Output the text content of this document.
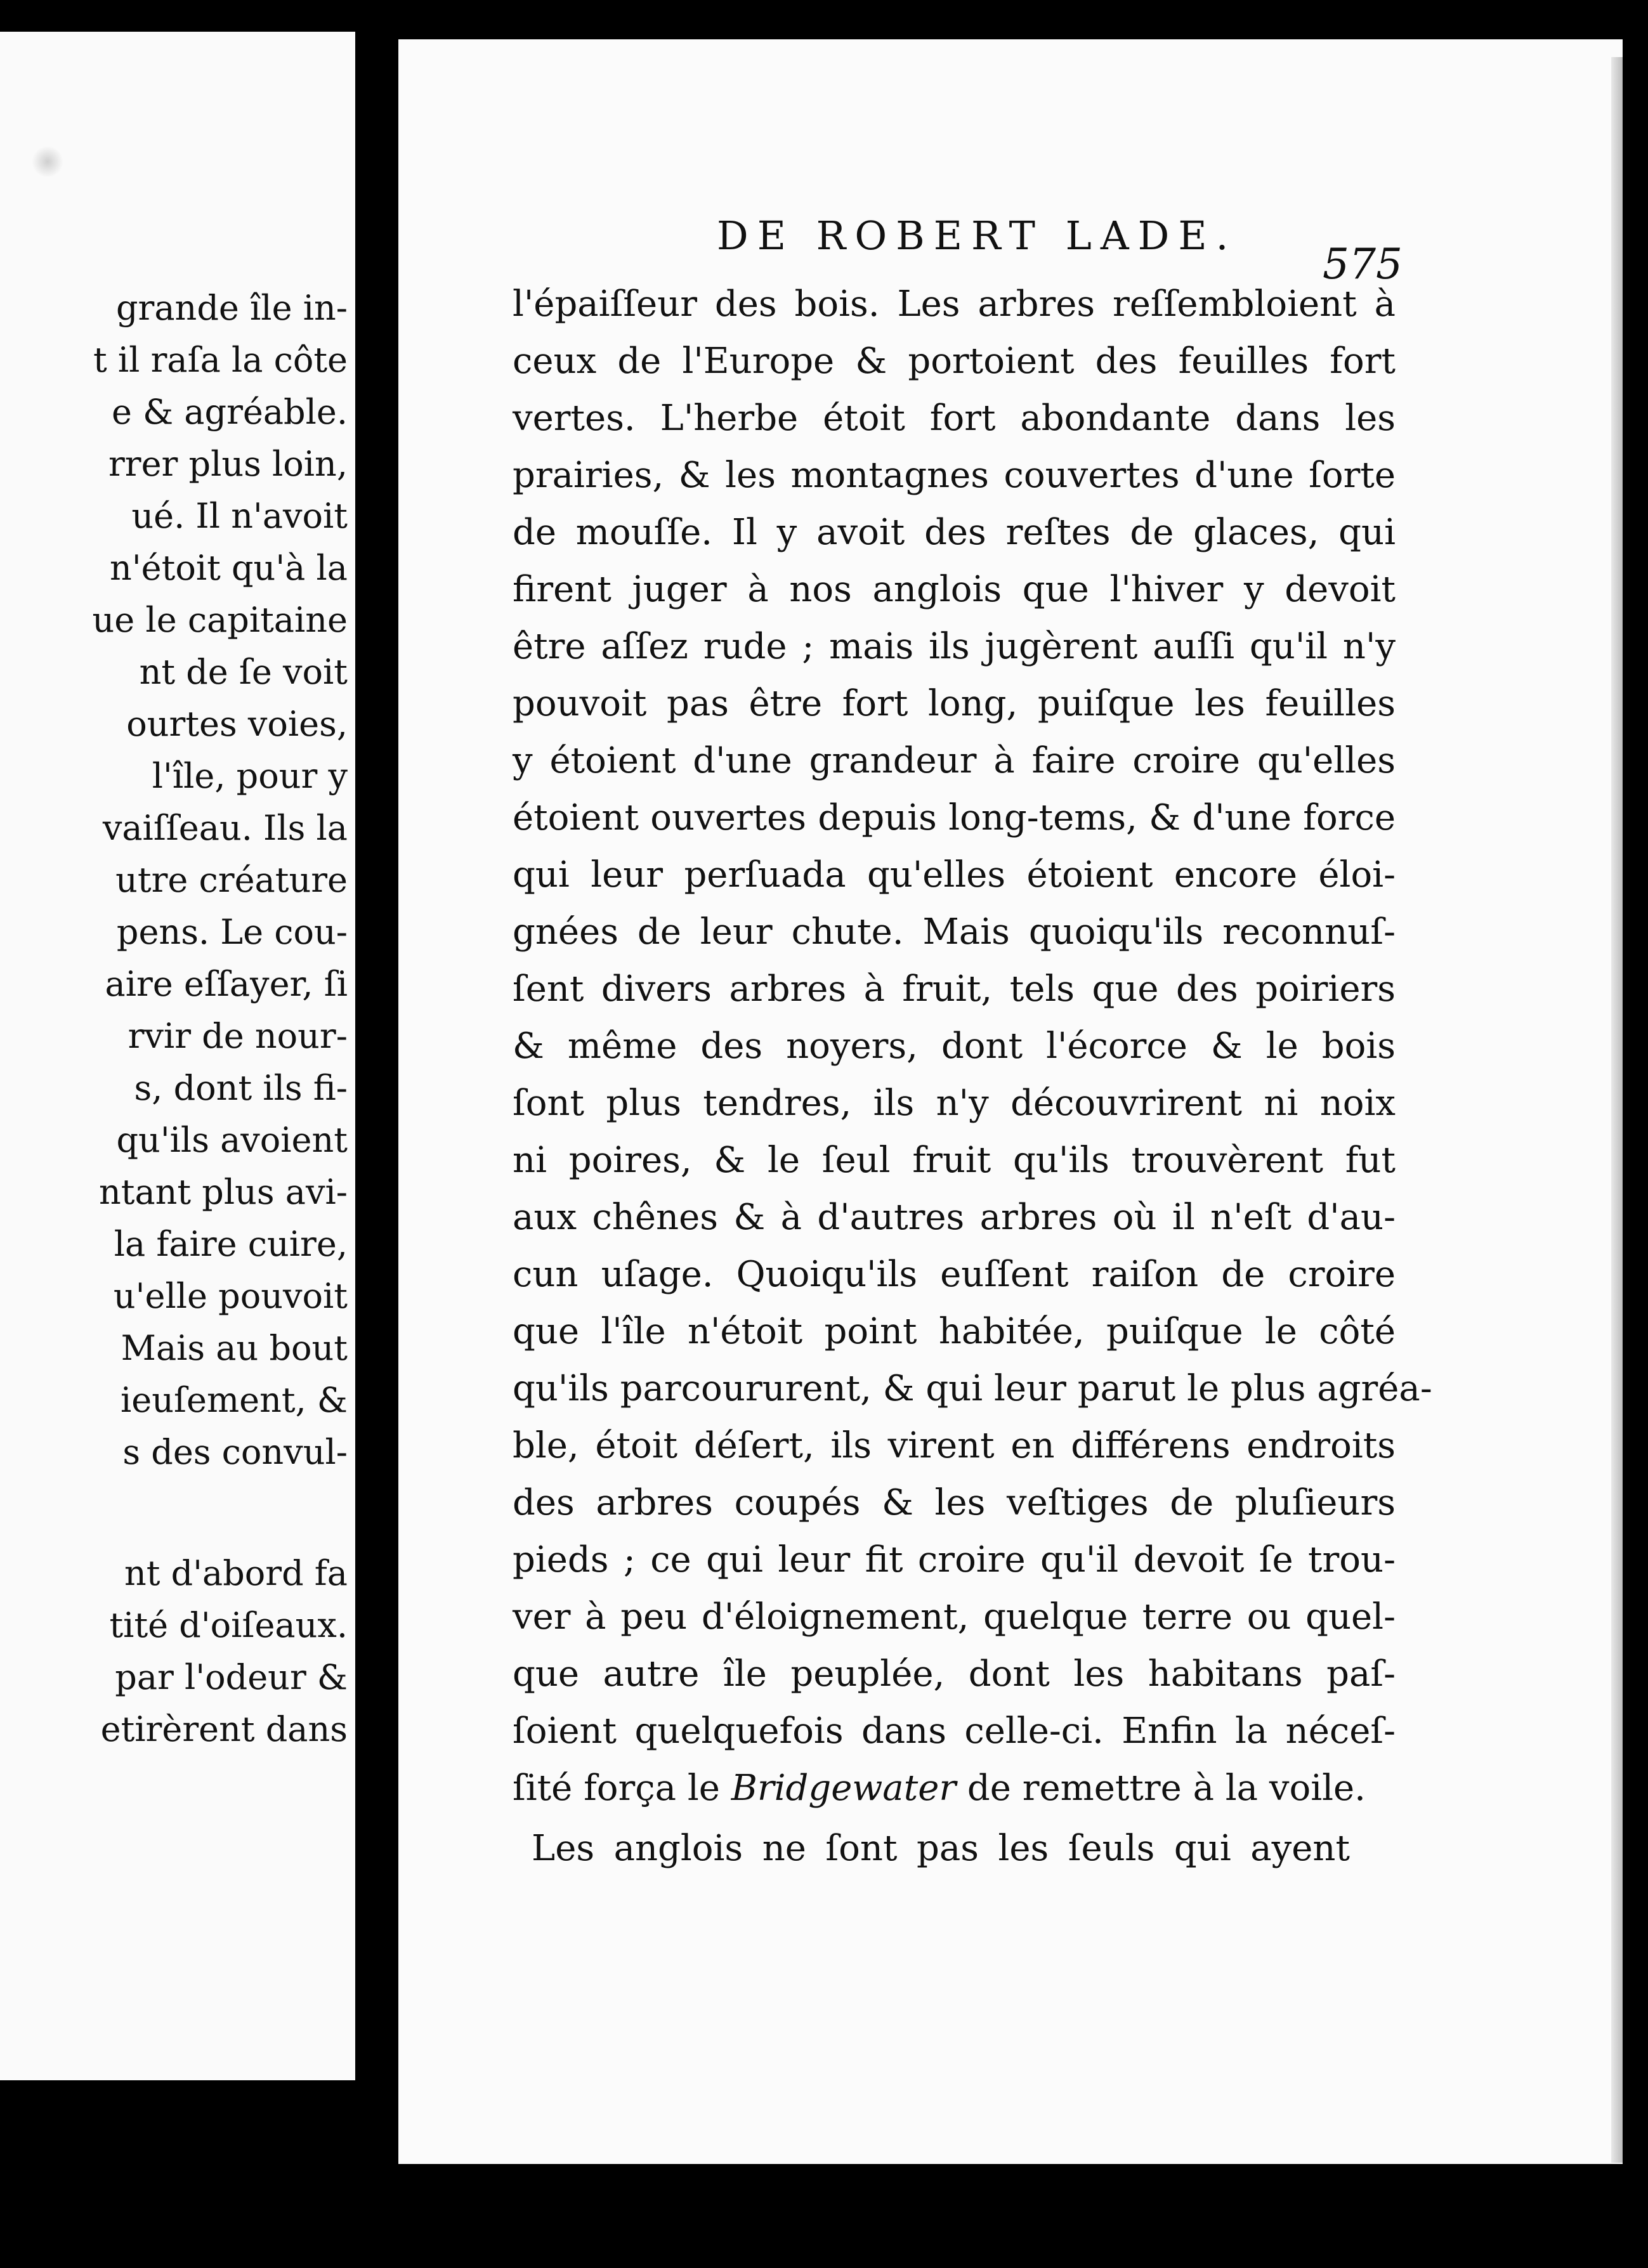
grande île in-
t il raſa la côte
e & agréable.
rrer plus loin,
ué. Il n'avoit
n'étoit qu'à la
ue le capitaine
nt de ſe voit
ourtes voies,
l'île, pour y
vaiſſeau. Ils la
utre créature
pens. Le cou-
aire eſſayer, ſi
rvir de nour-
s, dont ils fi-
qu'ils avoient
ntant plus avi-
la faire cuire,
u'elle pouvoit
Mais au bout
ieuſement, &
s des convul-
nt d'abord fa
tité d'oiſeaux.
par l'odeur &
etirèrent dans
DE ROBERT LADE.
575
l'épaiſſeur des bois. Les arbres reſſembloient à
ceux de l'Europe & portoient des feuilles fort
vertes. L'herbe étoit fort abondante dans les
prairies, & les montagnes couvertes d'une ſorte
de mouſſe. Il y avoit des reſtes de glaces, qui
firent juger à nos anglois que l'hiver y devoit
être aſſez rude ; mais ils jugèrent auſſi qu'il n'y
pouvoit pas être fort long, puiſque les feuilles
y étoient d'une grandeur à faire croire qu'elles
étoient ouvertes depuis long-tems, & d'une force
qui leur perſuada qu'elles étoient encore éloi-
gnées de leur chute. Mais quoiqu'ils reconnuſ-
ſent divers arbres à fruit, tels que des poiriers
& même des noyers, dont l'écorce & le bois
ſont plus tendres, ils n'y découvrirent ni noix
ni poires, & le ſeul fruit qu'ils trouvèrent fut
aux chênes & à d'autres arbres où il n'eſt d'au-
cun uſage. Quoiqu'ils euſſent raiſon de croire
que l'île n'étoit point habitée, puiſque le côté
qu'ils parcoururent, & qui leur parut le plus agréa-
ble, étoit déſert, ils virent en différens endroits
des arbres coupés & les veſtiges de pluſieurs
pieds ; ce qui leur fit croire qu'il devoit ſe trou-
ver à peu d'éloignement, quelque terre ou quel-
que autre île peuplée, dont les habitans paſ-
ſoient quelquefois dans celle-ci. Enfin la néceſ-
ſité força le Bridgewater de remettre à la voile.
Les anglois ne ſont pas les ſeuls qui ayent
